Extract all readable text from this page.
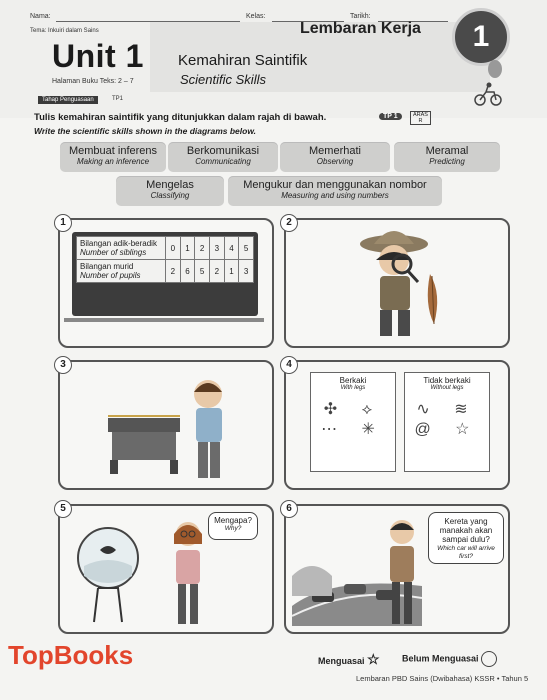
Nama:	Kelas:	Tarikh:
Tema: Inkuiri dalam Sains
Unit 1
Halaman Buku Teks: 2 – 7
Tahap Penguasaan	TP1
Kemahiran Saintifik
Scientific Skills
Lembaran Kerja	1
Tulis kemahiran saintifik yang ditunjukkan dalam rajah di bawah.	TP 1	ARAS
R
Write the scientific skills shown in the diagrams below.
Membuat inferens
Making an inference
Berkomunikasi
Communicating
Memerhati
Observing
Meramal
Predicting
Mengelas
Classifying
Mengukur dan menggunakan nombor
Measuring and using numbers
1
Bilangan adik-beradik
Number of siblings	0	1	2	3	4	5
Bilangan murid
Number of pupils	2	6	5	2	1	3
2
3	4
Berkaki
With legs
✣ ⟡
⋯ ✳
Tidak berkaki
Without legs
∿ ≋
@ ☆
5
Mengapa?
Why?
6
Kereta yang manakah akan sampai dulu?
Which car will arrive first?
TopBooks	Menguasai ☆ Belum Menguasai
Lembaran PBD Sains (Dwibahasa) KSSR • Tahun 5
